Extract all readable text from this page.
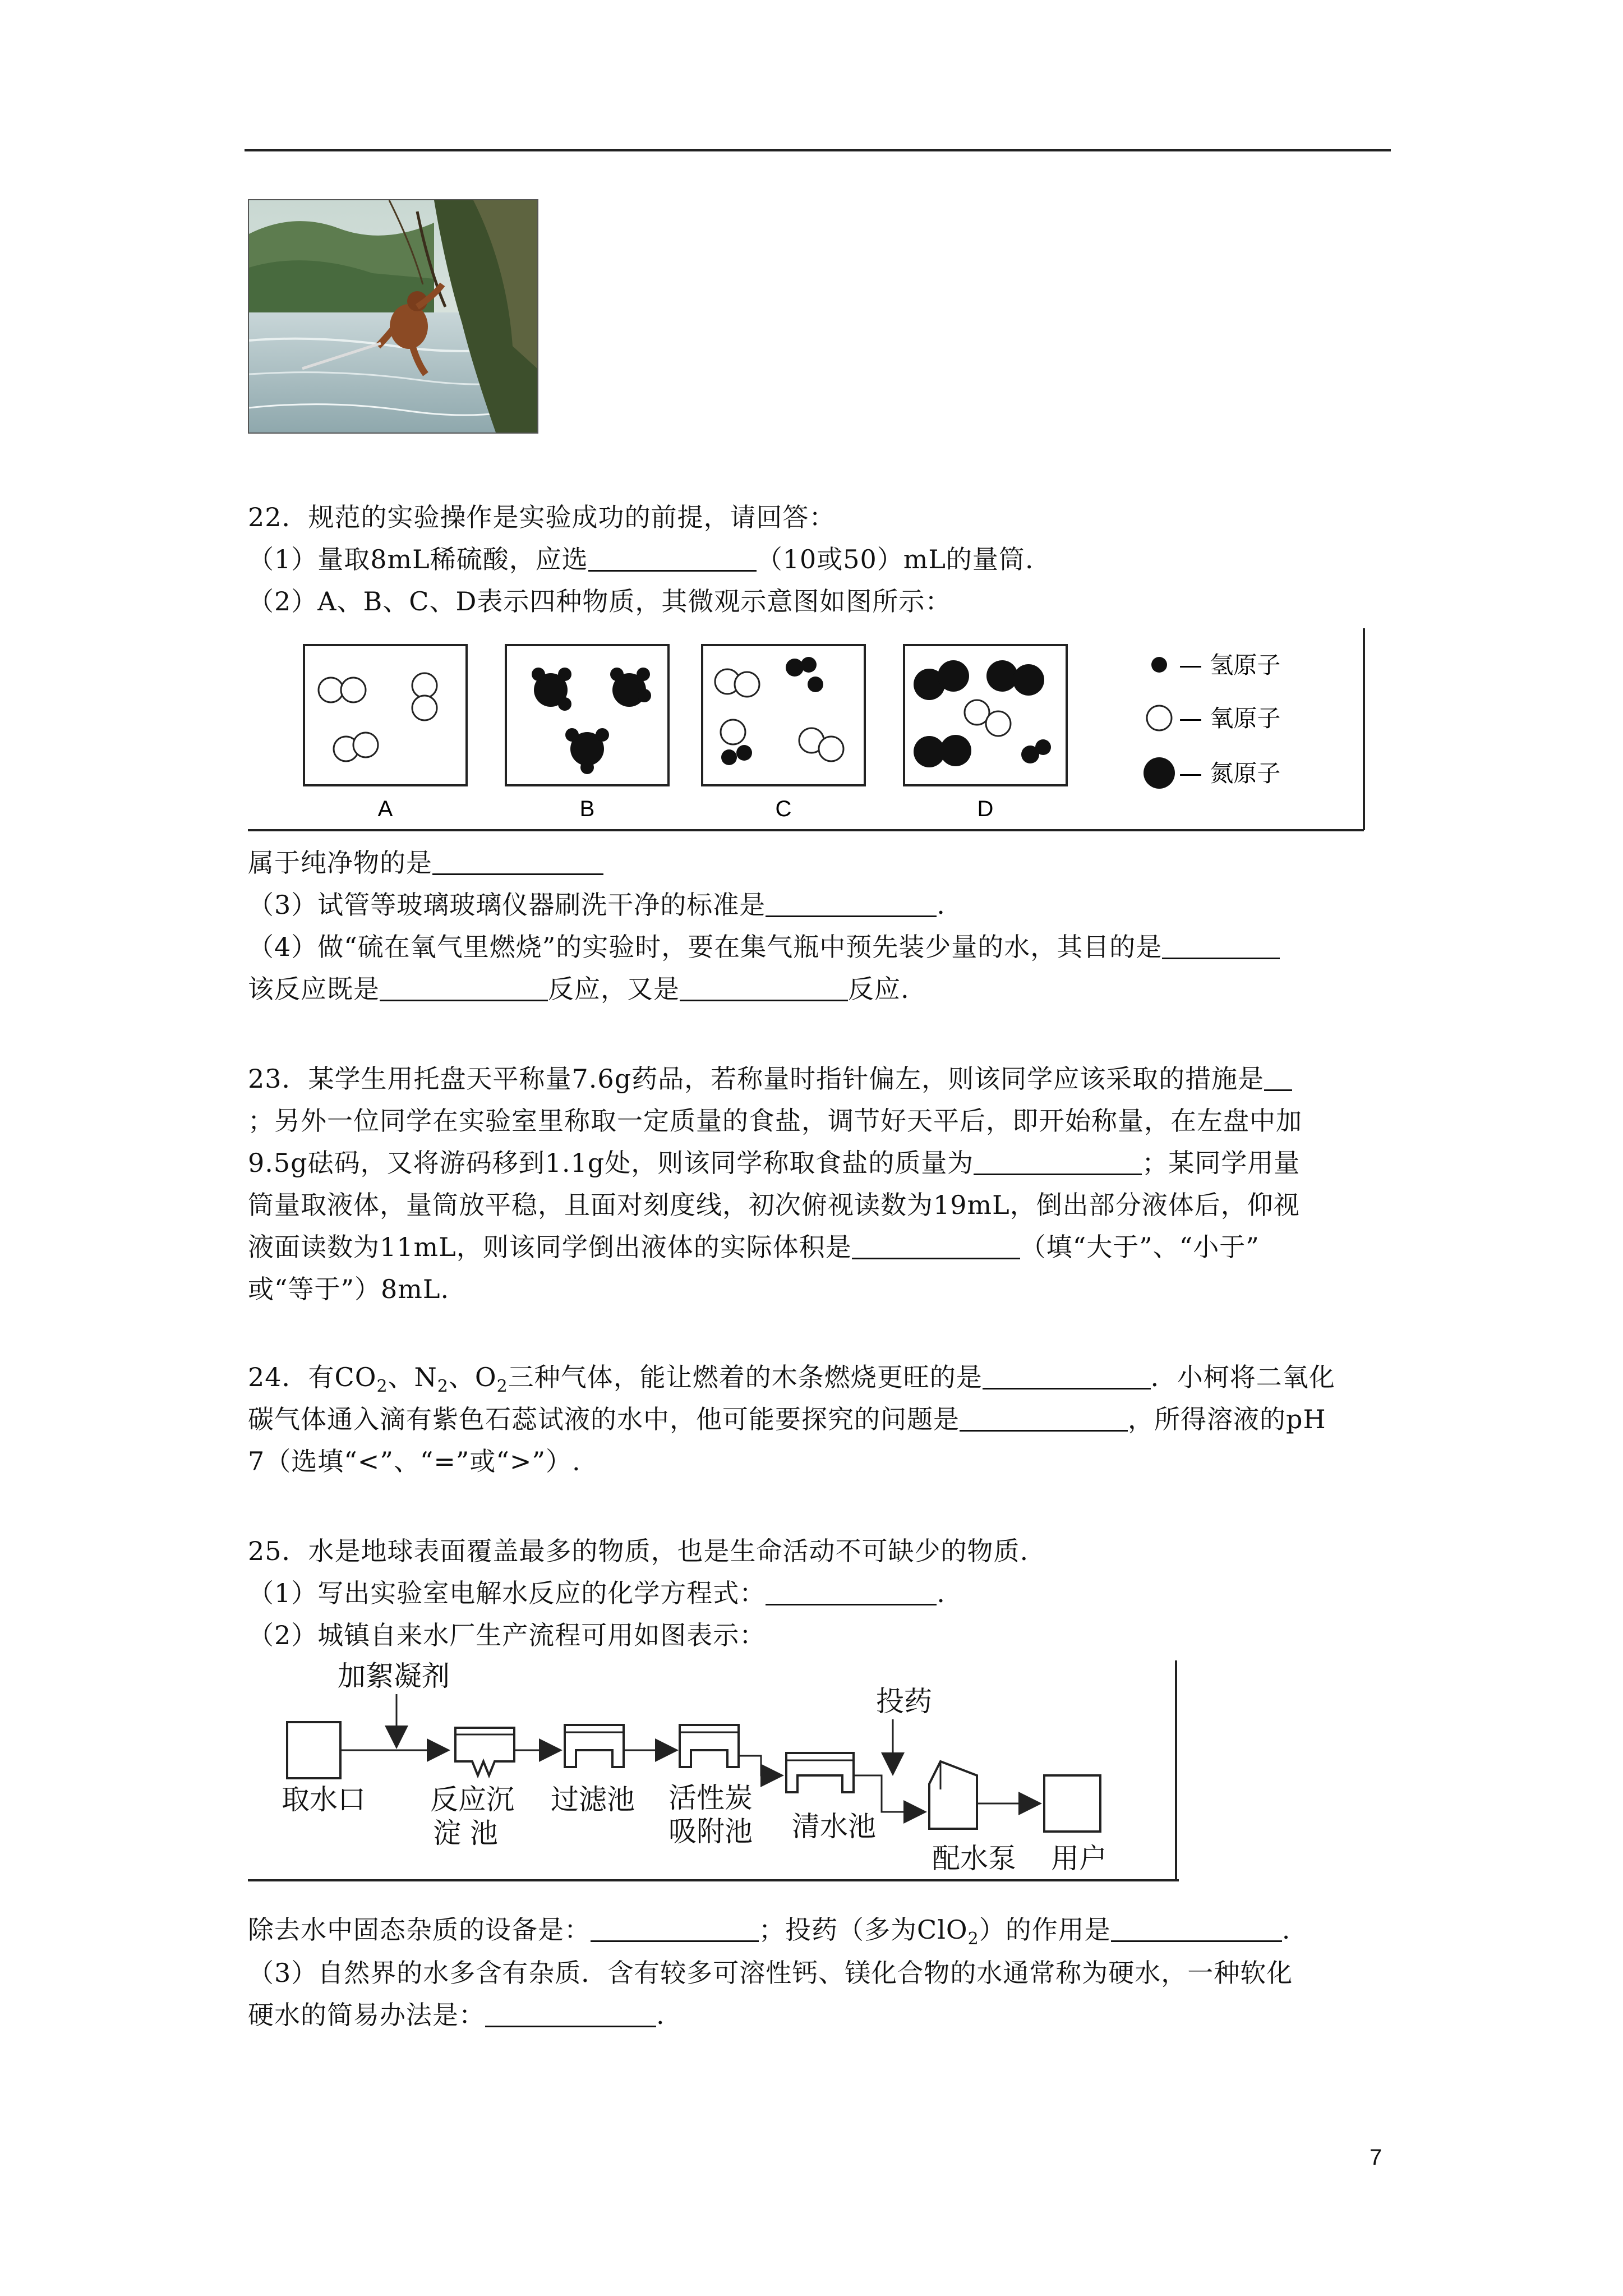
22．规范的实验操作是实验成功的前提，请回答：
（1）量取8mL稀硫酸，应选	（10或50）mL的量筒.
（2）A、B、C、D表示四种物质，其微观示意图如图所示：
A	B	C	D
— 氢原子
— 氧原子
— 氮原子
属于纯净物的是
（3）试管等玻璃玻璃仪器刷洗干净的标准是	.
（4）做“硫在氧气里燃烧”的实验时，要在集气瓶中预先装少量的水，其目的是
该反应既是	反应，又是	反应.
23．某学生用托盘天平称量7.6g药品，若称量时指针偏左，则该同学应该采取的措施是
；另外一位同学在实验室里称取一定质量的食盐，调节好天平后，即开始称量，在左盘中加
9.5g砝码，又将游码移到1.1g处，则该同学称取食盐的质量为	；某同学用量
筒量取液体，量筒放平稳，且面对刻度线，初次俯视读数为19mL，倒出部分液体后，仰视
液面读数为11mL，则该同学倒出液体的实际体积是	（填“大于”、“小于”
或“等于”）8mL.
24．有$CO_2$、$N_2$、$O_2$三种气体，能让燃着的木条燃烧更旺的是	．小柯将二氧化
碳气体通入滴有紫色石蕊试液的水中，他可能要探究的问题是	，所得溶液的pH
7（选填“<”、“=”或“>”）.
25．水是地球表面覆盖最多的物质，也是生命活动不可缺少的物质.
（1）写出实验室电解水反应的化学方程式：	.
（2）城镇自来水厂生产流程可用如图表示：
加絮凝剂
取水口 反应沉
淀 池
过滤池 活性炭
吸附池
投药
清水池
配水泵 用户
除去水中固态杂质的设备是：	；投药（多为ClO$_2$）的作用是	.
（3）自然界的水多含有杂质．含有较多可溶性钙、镁化合物的水通常称为硬水，一种软化
硬水的简易办法是：	.
7
